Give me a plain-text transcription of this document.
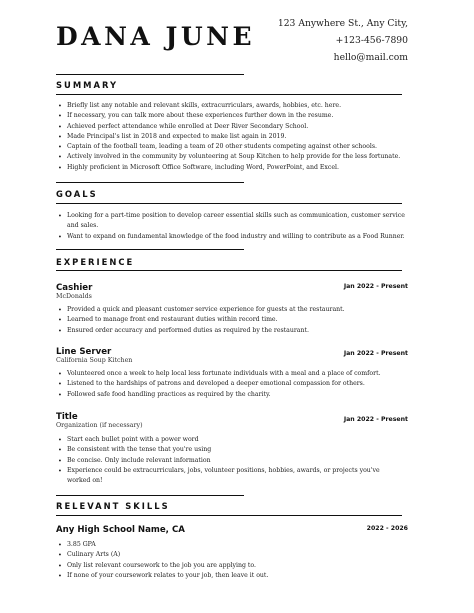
DANA JUNE 123 Anywhere St., Any City,
+123-456-7890
hello@mail.com
SUMMARY
• Briefly list any notable and relevant skills, extracurriculars, awards, hobbies, etc. here.
• If necessary, you can talk more about these experiences further down in the resume.
• Achieved perfect attendance while enrolled at Deer River Secondary School.
• Made Principal's list in 2018 and expected to make list again in 2019.
• Captain of the football team, leading a team of 20 other students competing against other schools.
• Actively involved in the community by volunteering at Soup Kitchen to help provide for the less fortunate.
• Highly proficient in Microsoft Office Software, including Word, PowerPoint, and Excel.
GOALS
• Looking for a part-time position to develop career essential skills such as communication, customer service and sales.
• Want to expand on fundamental knowledge of the food industry and willing to contribute as a Food Runner.
EXPERIENCE
Cashier
McDonalds
Jan 2022 - Present
• Provided a quick and pleasant customer service experience for guests at the restaurant.
• Learned to manage front end restaurant duties within record time.
• Ensured order accuracy and performed duties as required by the restaurant.
Line Server
California Soup Kitchen
Jan 2022 - Present
• Volunteered once a week to help local less fortunate individuals with a meal and a place of comfort.
• Listened to the hardships of patrons and developed a deeper emotional compassion for others.
• Followed safe food handling practices as required by the charity.
Title
Organization (if necessary)
Jan 2022 - Present
• Start each bullet point with a power word
• Be consistent with the tense that you're using
• Be concise. Only include relevant information
• Experience could be extracurriculars, jobs, volunteer positions, hobbies, awards, or projects you've
worked on!
RELEVANT SKILLS
Any High School Name, CA	2022 - 2026
• 3.85 GPA
• Culinary Arts (A)
• Only list relevant coursework to the job you are applying to.
• If none of your coursework relates to your job, then leave it out.
